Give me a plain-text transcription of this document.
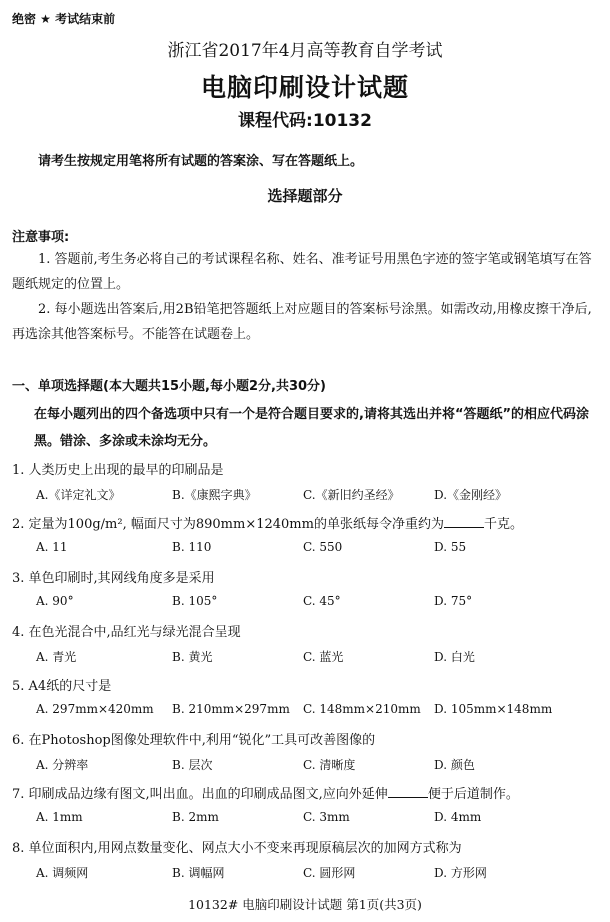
绝密 ★ 考试结束前
浙江省2017年4月高等教育自学考试
电脑印刷设计试题
课程代码:10132
请考生按规定用笔将所有试题的答案涂、写在答题纸上。
选择题部分
注意事项:
1. 答题前,考生务必将自己的考试课程名称、姓名、准考证号用黑色字迹的签字笔或钢笔填写在答题纸规定的位置上。
2. 每小题选出答案后,用2B铅笔把答题纸上对应题目的答案标号涂黑。如需改动,用橡皮擦干净后,再选涂其他答案标号。不能答在试题卷上。
一、单项选择题(本大题共15小题,每小题2分,共30分)
在每小题列出的四个备选项中只有一个是符合题目要求的,请将其选出并将“答题纸”的相应代码涂黑。错涂、多涂或未涂均无分。
1. 人类历史上出现的最早的印刷品是
A.《详定礼文》	B.《康熙字典》	C.《新旧约圣经》	D.《金刚经》
2. 定量为100g/m², 幅面尺寸为890mm×1240mm的单张纸每令净重约为	千克。
A. 11	B. 110	C. 550	D. 55
3. 单色印刷时,其网线角度多是采用
A. 90°	B. 105°	C. 45°	D. 75°
4. 在色光混合中,品红光与绿光混合呈现
A. 青光	B. 黄光	C. 蓝光	D. 白光
5. A4纸的尺寸是
A. 297mm×420mm B. 210mm×297mm C. 148mm×210mm D. 105mm×148mm
6. 在Photoshop图像处理软件中,利用“锐化”工具可改善图像的
A. 分辨率	B. 层次	C. 清晰度	D. 颜色
7. 印刷成品边缘有图文,叫出血。出血的印刷成品图文,应向外延伸	便于后道制作。
A. 1mm	B. 2mm	C. 3mm	D. 4mm
8. 单位面积内,用网点数量变化、网点大小不变来再现原稿层次的加网方式称为
A. 调频网	B. 调幅网	C. 圆形网	D. 方形网
10132# 电脑印刷设计试题 第1页(共3页)
